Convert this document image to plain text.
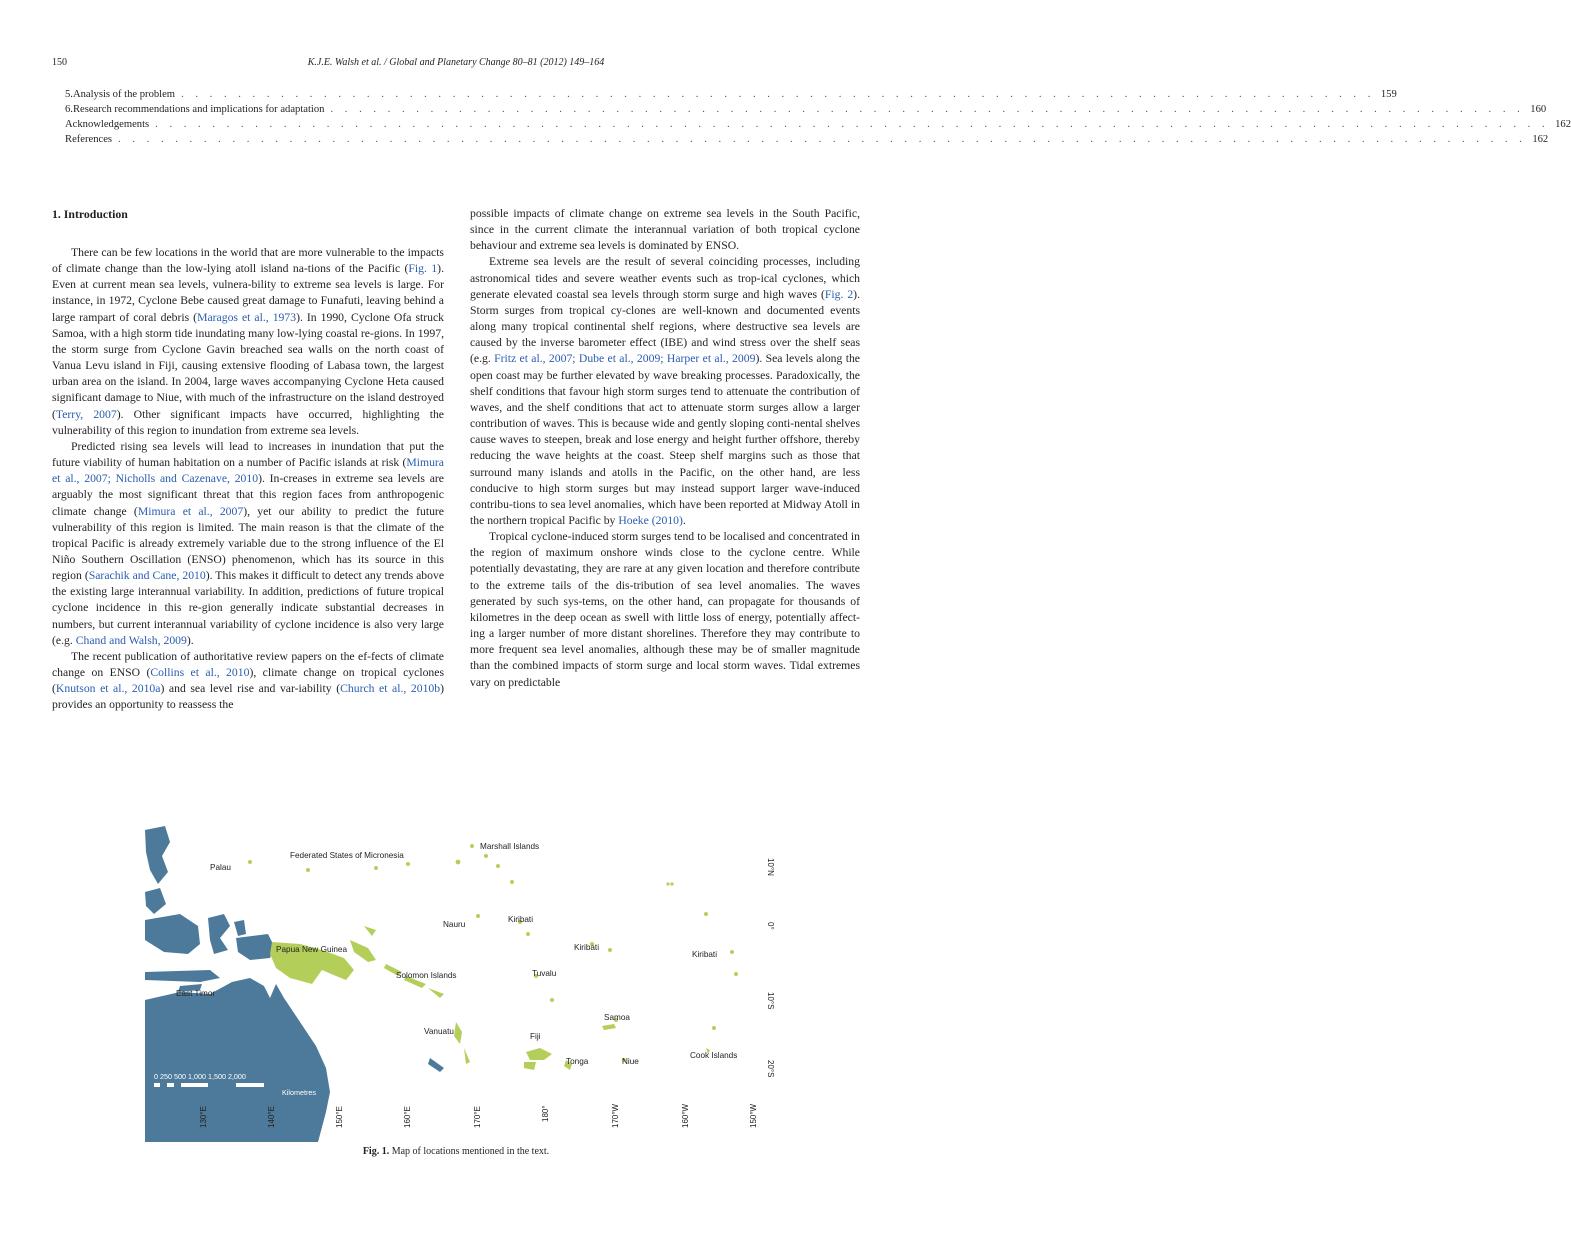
150	K.J.E. Walsh et al. / Global and Planetary Change 80–81 (2012) 149–164
5. Analysis of the problem . . . . . . . . . . . . . . . . . . . . . . . . . . . . . . . . . . . . . . . . . . . . . . . . . . . . . . . . . . . . . . . . . . . . . . . . . . . . . . . . . . . . 159
6. Research recommendations and implications for adaptation . . . . . . . . . . . . . . . . . . . . . . . . . . . . . . . . . . . . . . . . . . . . . . . . . . . . . . . . . . . . . . . . . . . . . . . . . . . . . . . . . . . . 160
Acknowledgements . . . . . . . . . . . . . . . . . . . . . . . . . . . . . . . . . . . . . . . . . . . . . . . . . . . . . . . . . . . . . . . . . . . . . . . . . . . . . . . . . . . . . . . . . . . . . . . . . . 162
References . . . . . . . . . . . . . . . . . . . . . . . . . . . . . . . . . . . . . . . . . . . . . . . . . . . . . . . . . . . . . . . . . . . . . . . . . . . . . . . . . . . . . . . . . . . . . . . . . . . 162
1. Introduction

There can be few locations in the world that are more vulnerable to the impacts of climate change than the low-lying atoll island na-tions of the Pacific (Fig. 1). Even at current mean sea levels, vulnera-bility to extreme sea levels is large. For instance, in 1972, Cyclone Bebe caused great damage to Funafuti, leaving behind a large rampart of coral debris (Maragos et al., 1973). In 1990, Cyclone Ofa struck Samoa, with a high storm tide inundating many low-lying coastal re-gions. In 1997, the storm surge from Cyclone Gavin breached sea walls on the north coast of Vanua Levu island in Fiji, causing extensive flooding of Labasa town, the largest urban area on the island. In 2004, large waves accompanying Cyclone Heta caused significant damage to Niue, with much of the infrastructure on the island destroyed (Terry, 2007). Other significant impacts have occurred, highlighting the vulnerability of this region to inundation from extreme sea levels.

Predicted rising sea levels will lead to increases in inundation that put the future viability of human habitation on a number of Pacific islands at risk (Mimura et al., 2007; Nicholls and Cazenave, 2010). In-creases in extreme sea levels are arguably the most significant threat that this region faces from anthropogenic climate change (Mimura et al., 2007), yet our ability to predict the future vulnerability of this region is limited. The main reason is that the climate of the tropical Pacific is already extremely variable due to the strong influence of the El Niño Southern Oscillation (ENSO) phenomenon, which has its source in this region (Sarachik and Cane, 2010). This makes it difficult to detect any trends above the existing large interannual variability. In addition, predictions of future tropical cyclone incidence in this re-gion generally indicate substantial decreases in numbers, but current interannual variability of cyclone incidence is also very large (e.g. Chand and Walsh, 2009).

The recent publication of authoritative review papers on the ef-fects of climate change on ENSO (Collins et al., 2010), climate change on tropical cyclones (Knutson et al., 2010a) and sea level rise and var-iability (Church et al., 2010b) provides an opportunity to reassess the

possible impacts of climate change on extreme sea levels in the South Pacific, since in the current climate the interannual variation of both tropical cyclone behaviour and extreme sea levels is dominated by ENSO.

Extreme sea levels are the result of several coinciding processes, including astronomical tides and severe weather events such as trop-ical cyclones, which generate elevated coastal sea levels through storm surge and high waves (Fig. 2). Storm surges from tropical cy-clones are well-known and documented events along many tropical continental shelf regions, where destructive sea levels are caused by the inverse barometer effect (IBE) and wind stress over the shelf seas (e.g. Fritz et al., 2007; Dube et al., 2009; Harper et al., 2009). Sea levels along the open coast may be further elevated by wave breaking processes. Paradoxically, the shelf conditions that favour high storm surges tend to attenuate the contribution of waves, and the shelf conditions that act to attenuate storm surges allow a larger contribution of waves. This is because wide and gently sloping conti-nental shelves cause waves to steepen, break and lose energy and height further offshore, thereby reducing the wave heights at the coast. Steep shelf margins such as those that surround many islands and atolls in the Pacific, on the other hand, are less conducive to high storm surges but may instead support larger wave-induced contribu-tions to sea level anomalies, which have been reported at Midway Atoll in the northern tropical Pacific by Hoeke (2010).

Tropical cyclone-induced storm surges tend to be localised and concentrated in the region of maximum onshore winds close to the cyclone centre. While potentially devastating, they are rare at any given location and therefore contribute to the extreme tails of the dis-tribution of sea level anomalies. The waves generated by such sys-tems, on the other hand, can propagate for thousands of kilometres in the deep ocean as swell with little loss of energy, potentially affect-ing a larger number of more distant shorelines. Therefore they may contribute to more frequent sea level anomalies, although these may be of smaller magnitude than the combined impacts of storm surge and local storm waves. Tidal extremes vary on predictable

Palau
Federated States of Micronesia
Marshall Islands
Nauru
Kiribati
Kiribati
Kiribati
Papua New Guinea
Solomon Islands	Tuvalu
East Timor
Samoa
Vanuatu
Fiji
Tonga	Niue
Cook Islands
10°N
0°
10°S
20°S
130°E	140°E	150°E	160°E	170°E	180°	170°W	160°W	150°W
0 250 500 1,000 1,500 2,000
Kilometres
Fig. 1. Map of locations mentioned in the text.
